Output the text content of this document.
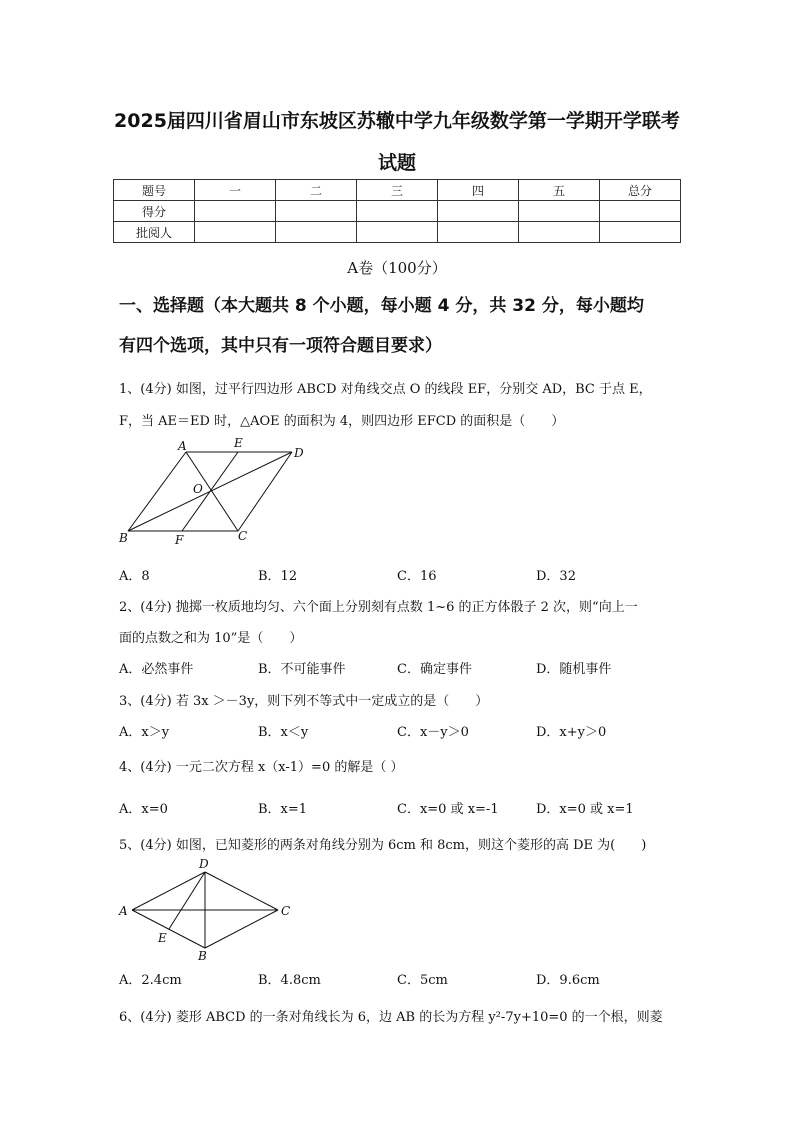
2025届四川省眉山市东坡区苏辙中学九年级数学第一学期开学联考
试题
题号	一	二	三	四	五	总分
得分						
批阅人						
A卷（100分）
一、选择题（本大题共 8 个小题，每小题 4 分，共 32 分，每小题均
有四个选项，其中只有一项符合题目要求）
1、(4分) 如图，过平行四边形 ABCD 对角线交点 O 的线段 EF，分别交 AD，BC 于点 E，
F，当 AE＝ED 时，△AOE 的面积为 4，则四边形 EFCD 的面积是（　　）
A	E
D
O
B	F	C
D
A	C
E
B
A．8	B．12	C．16	D．32
2、(4分) 抛掷一枚质地均匀、六个面上分别刻有点数 1~6 的正方体骰子 2 次，则“向上一
面的点数之和为 10”是（　　）
A．必然事件	B．不可能事件	C．确定事件	D．随机事件
3、(4分) 若 3x ＞－3y，则下列不等式中一定成立的是（　　）
A．x＞y	B．x＜y	C．x－y＞0	D．x+y＞0
4、(4分) 一元二次方程 x（x-1）=0 的解是（ ）
A．x=0	B．x=1	C．x=0 或 x=-1	D．x=0 或 x=1
5、(4分) 如图，已知菱形的两条对角线分别为 6cm 和 8cm，则这个菱形的高 DE 为(　　)
A．2.4cm	B．4.8cm	C．5cm	D．9.6cm
6、(4分) 菱形 ABCD 的一条对角线长为 6，边 AB 的长为方程 y²-7y+10=0 的一个根，则菱
